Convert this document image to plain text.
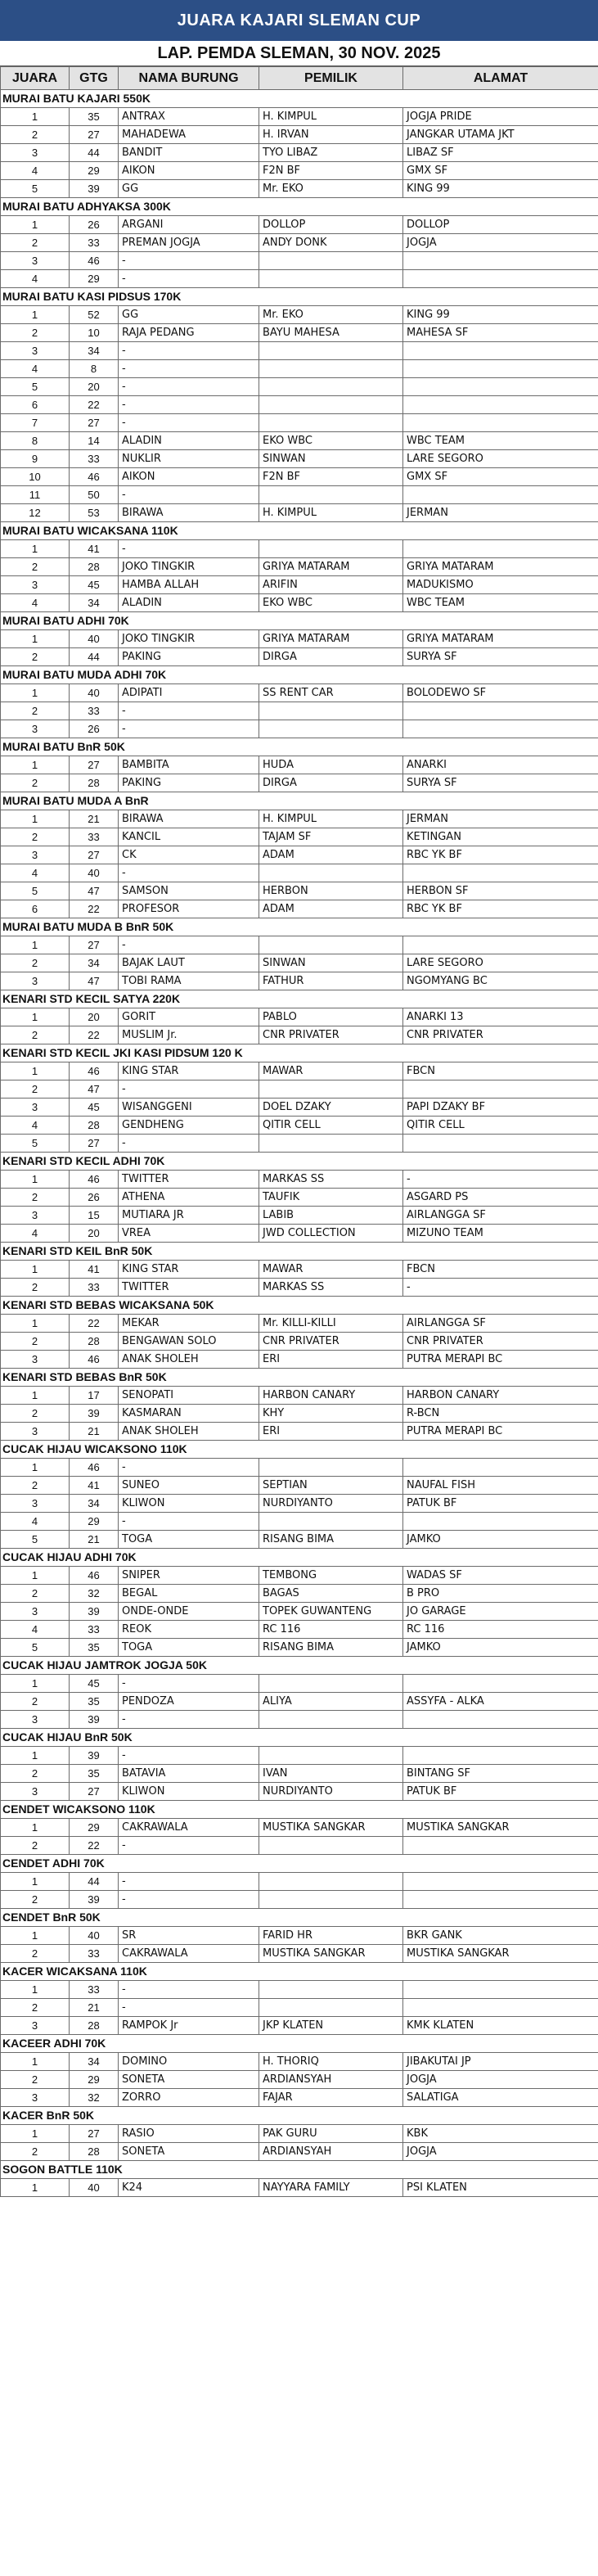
JUARA KAJARI SLEMAN CUP
LAP. PEMDA SLEMAN, 30 NOV. 2025
JUARA	GTG	NAMA BURUNG	PEMILIK	ALAMAT
MURAI BATU KAJARI 550K				
1	35	ANTRAX	H. KIMPUL	JOGJA PRIDE
2	27	MAHADEWA	H. IRVAN	JANGKAR UTAMA JKT
3	44	BANDIT	TYO LIBAZ	LIBAZ SF
4	29	AIKON	F2N BF	GMX SF
5	39	GG	Mr. EKO	KING 99
MURAI BATU ADHYAKSA 300K				
1	26	ARGANI	DOLLOP	DOLLOP
2	33	PREMAN JOGJA	ANDY DONK	JOGJA
3	46	-		
4	29	-		
MURAI BATU KASI PIDSUS 170K				
1	52	GG	Mr. EKO	KING 99
2	10	RAJA PEDANG	BAYU MAHESA	MAHESA SF
3	34	-		
4	8	-		
5	20	-		
6	22	-		
7	27	-		
8	14	ALADIN	EKO WBC	WBC TEAM
9	33	NUKLIR	SINWAN	LARE SEGORO
10	46	AIKON	F2N BF	GMX SF
11	50	-		
12	53	BIRAWA	H. KIMPUL	JERMAN
MURAI BATU WICAKSANA 110K				
1	41	-		
2	28	JOKO TINGKIR	GRIYA MATARAM	GRIYA MATARAM
3	45	HAMBA ALLAH	ARIFIN	MADUKISMO
4	34	ALADIN	EKO WBC	WBC TEAM
MURAI BATU ADHI 70K				
1	40	JOKO TINGKIR	GRIYA MATARAM	GRIYA MATARAM
2	44	PAKING	DIRGA	SURYA SF
MURAI BATU MUDA ADHI 70K				
1	40	ADIPATI	SS RENT CAR	BOLODEWO SF
2	33	-		
3	26	-		
MURAI BATU BnR 50K				
1	27	BAMBITA	HUDA	ANARKI
2	28	PAKING	DIRGA	SURYA SF
MURAI BATU MUDA A BnR				
1	21	BIRAWA	H. KIMPUL	JERMAN
2	33	KANCIL	TAJAM SF	KETINGAN
3	27	CK	ADAM	RBC YK BF
4	40	-		
5	47	SAMSON	HERBON	HERBON SF
6	22	PROFESOR	ADAM	RBC YK BF
MURAI BATU MUDA B BnR 50K				
1	27	-		
2	34	BAJAK LAUT	SINWAN	LARE SEGORO
3	47	TOBI RAMA	FATHUR	NGOMYANG BC
KENARI STD KECIL SATYA 220K				
1	20	GORIT	PABLO	ANARKI 13
2	22	MUSLIM Jr.	CNR PRIVATER	CNR PRIVATER
KENARI STD KECIL JKI KASI PIDSUM 120 K				
1	46	KING STAR	MAWAR	FBCN
2	47	-		
3	45	WISANGGENI	DOEL DZAKY	PAPI DZAKY BF
4	28	GENDHENG	QITIR CELL	QITIR CELL
5	27	-		
KENARI STD KECIL ADHI 70K				
1	46	TWITTER	MARKAS SS	-
2	26	ATHENA	TAUFIK	ASGARD PS
3	15	MUTIARA JR	LABIB	AIRLANGGA SF
4	20	VREA	JWD COLLECTION	MIZUNO TEAM
KENARI STD KEIL BnR 50K				
1	41	KING STAR	MAWAR	FBCN
2	33	TWITTER	MARKAS SS	-
KENARI STD BEBAS WICAKSANA 50K				
1	22	MEKAR	Mr. KILLI-KILLI	AIRLANGGA SF
2	28	BENGAWAN SOLO	CNR PRIVATER	CNR PRIVATER
3	46	ANAK SHOLEH	ERI	PUTRA MERAPI BC
KENARI STD BEBAS BnR 50K				
1	17	SENOPATI	HARBON CANARY	HARBON CANARY
2	39	KASMARAN	KHY	R-BCN
3	21	ANAK SHOLEH	ERI	PUTRA MERAPI BC
CUCAK HIJAU WICAKSONO 110K				
1	46	-		
2	41	SUNEO	SEPTIAN	NAUFAL FISH
3	34	KLIWON	NURDIYANTO	PATUK BF
4	29	-		
5	21	TOGA	RISANG BIMA	JAMKO
CUCAK HIJAU ADHI 70K				
1	46	SNIPER	TEMBONG	WADAS SF
2	32	BEGAL	BAGAS	B PRO
3	39	ONDE-ONDE	TOPEK GUWANTENG	JO GARAGE
4	33	REOK	RC 116	RC 116
5	35	TOGA	RISANG BIMA	JAMKO
CUCAK HIJAU JAMTROK JOGJA 50K				
1	45	-		
2	35	PENDOZA	ALIYA	ASSYFA - ALKA
3	39	-		
CUCAK HIJAU BnR 50K				
1	39	-		
2	35	BATAVIA	IVAN	BINTANG SF
3	27	KLIWON	NURDIYANTO	PATUK BF
CENDET WICAKSONO 110K				
1	29	CAKRAWALA	MUSTIKA SANGKAR	MUSTIKA SANGKAR
2	22	-		
CENDET ADHI 70K				
1	44	-		
2	39	-		
CENDET BnR 50K				
1	40	SR	FARID HR	BKR GANK
2	33	CAKRAWALA	MUSTIKA SANGKAR	MUSTIKA SANGKAR
KACER WICAKSANA 110K				
1	33	-		
2	21	-		
3	28	RAMPOK Jr	JKP KLATEN	KMK KLATEN
KACEER ADHI 70K				
1	34	DOMINO	H. THORIQ	JIBAKUTAI JP
2	29	SONETA	ARDIANSYAH	JOGJA
3	32	ZORRO	FAJAR	SALATIGA
KACER BnR 50K				
1	27	RASIO	PAK GURU	KBK
2	28	SONETA	ARDIANSYAH	JOGJA
SOGON BATTLE 110K				
1	40	K24	NAYYARA FAMILY	PSI KLATEN
